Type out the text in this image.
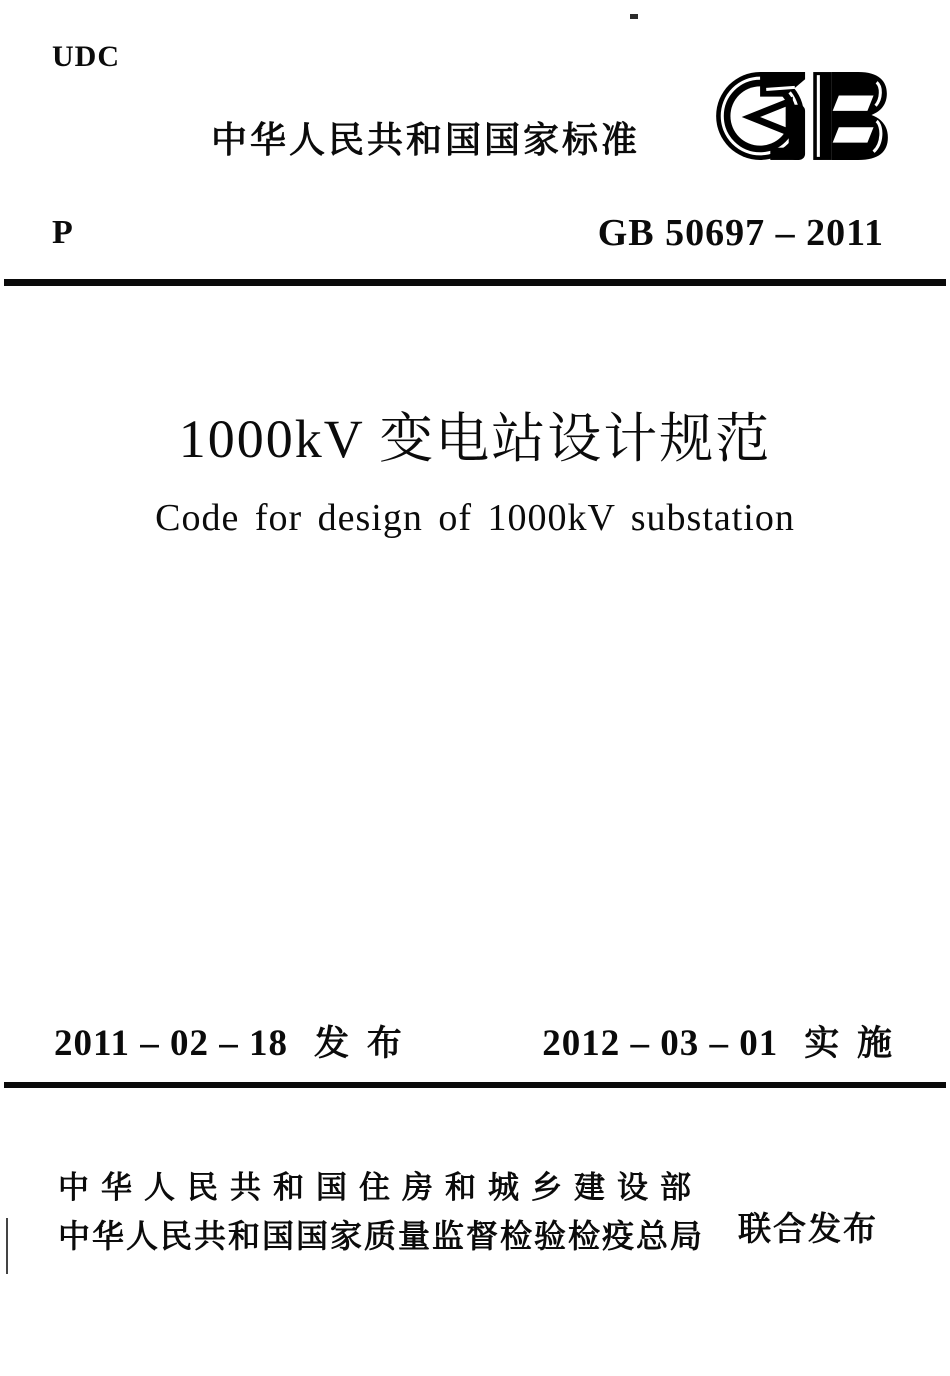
UDC
中华人民共和国国家标准
P	GB 50697 – 2011
1000kV 变电站设计规范
Code for design of 1000kV substation
2011 – 02 – 18 发 布	2012 – 03 – 01 实 施
中华人民共和国住房和城乡建设部
中华人民共和国国家质量监督检验检疫总局	联合发布
